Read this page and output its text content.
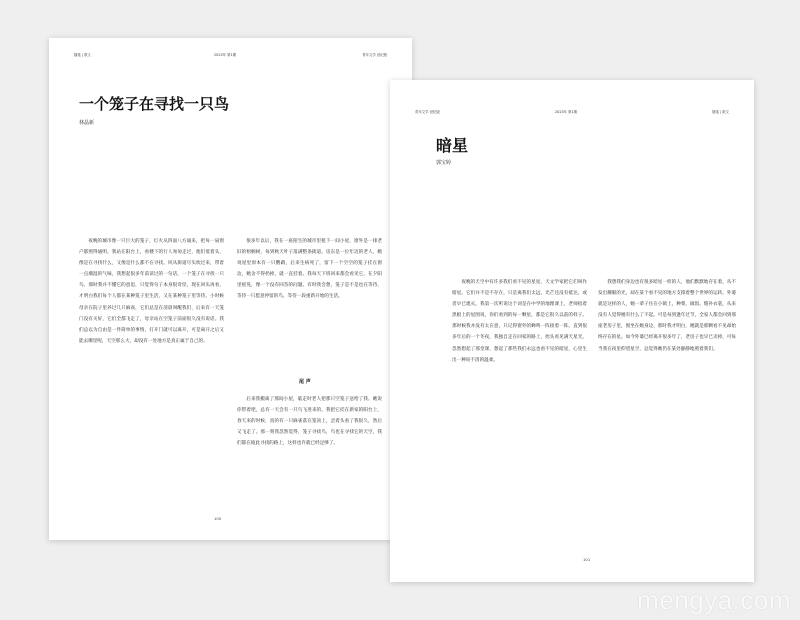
随笔 | 散文	2023年 第1期	青年文学 世纪版
一个笼子在寻找一只鸟
林晶新

夜晚的城市像一只巨大的笼子，灯火从四面八方涌来，把每一扇窗户都照得通明。我站在阳台上，看楼下的行人匆匆走过，他们低着头，像是在寻找什么，又像是什么都不在寻找。风从街道尽头吹过来，带着一点潮湿的气味，我想起很多年前读过的一句话，一个笼子在寻找一只鸟。那时我并不懂它的意思，只觉得句子本身很奇怪，现在回头再看，才明白我们每个人都在某种笼子里生活，又在某种笼子里等待。小时候母亲在院子里养过几只麻雀，它们总是在清晨叫醒我们，后来有一天笼门没有关好，它们全都飞走了，母亲站在空笼子前面很久没有说话。我们总以为自由是一件简单的事情，打开门就可以离开，可是离开之后又能去哪里呢，天空那么大，却没有一处地方是真正属于自己的。

很多年以后，我在一座陌生的城市里租下一间小屋，窗外是一排老旧的梧桐树，每到秋天叶子落满整条街道。房东是一位年迈的老人，她说屋里原本有一只鹦鹉，后来生病死了，留下一个空空的笼子挂在窗边，她舍不得扔掉，就一直挂着。我每天下班回来都会看见它，在夕阳里摇晃，像一个没有回答的问题。有时我会想，笼子是不是也在等待，等待一只愿意停留的鸟，等待一段重新开始的生活。

尾 声

后来我搬离了那间小屋，临走时老人把那只空笼子送给了我。她说你带着吧，总有一天会有一只鸟飞进来的。我把它挂在新家的阳台上，春天来的时候，真的有一只麻雀落在笼顶上，歪着头看了我很久，然后又飞走了。那一刻我忽然觉得，笼子寻找鸟，鸟也在寻找它的天空，我们都在彼此寻找的路上，这样也许就已经足够了。

100
青年文学 世纪版	2023年 第1期	随笔 | 散文
暗星
郭宝婷

夜晚的天空中有许多我们看不见的星星，天文学家把它们叫作暗星。它们并不是不存在，只是离我们太远，光芒还没有抵达，或者早已熄灭。我第一次听说这个词是在中学的地理课上，老师指着黑板上的星图说，你们看到的每一颗星，都是它很久以前的样子。那时候我并没有太在意，只记得窗外的蝉鸣一阵接着一阵。直到很多年后的一个冬夜，我独自走在回家的路上，抬头看见满天星光，忽然想起了那堂课，想起了那些我们永远也看不见的暗星，心里生出一种说不清的温柔。

我想我们身边也有很多暗星一样的人，他们默默地存在着，从不发出耀眼的光，却在某个看不见的地方支撑着整个世界的运转。外婆就是这样的人，她一辈子住在小镇上，种菜、做饭、缝补衣裳，从来没有人觉得她有什么了不起。可是每到逢年过节，全家人都会回到那座老房子里，围坐在她身边，那时我才明白，她就是那颗看不见却始终存在的星。如今外婆已经离开很多年了，老房子也早已卖掉，可每当我在夜里仰望星空，总觉得她仍在某处静静地照着我们。

101
mengya.com
